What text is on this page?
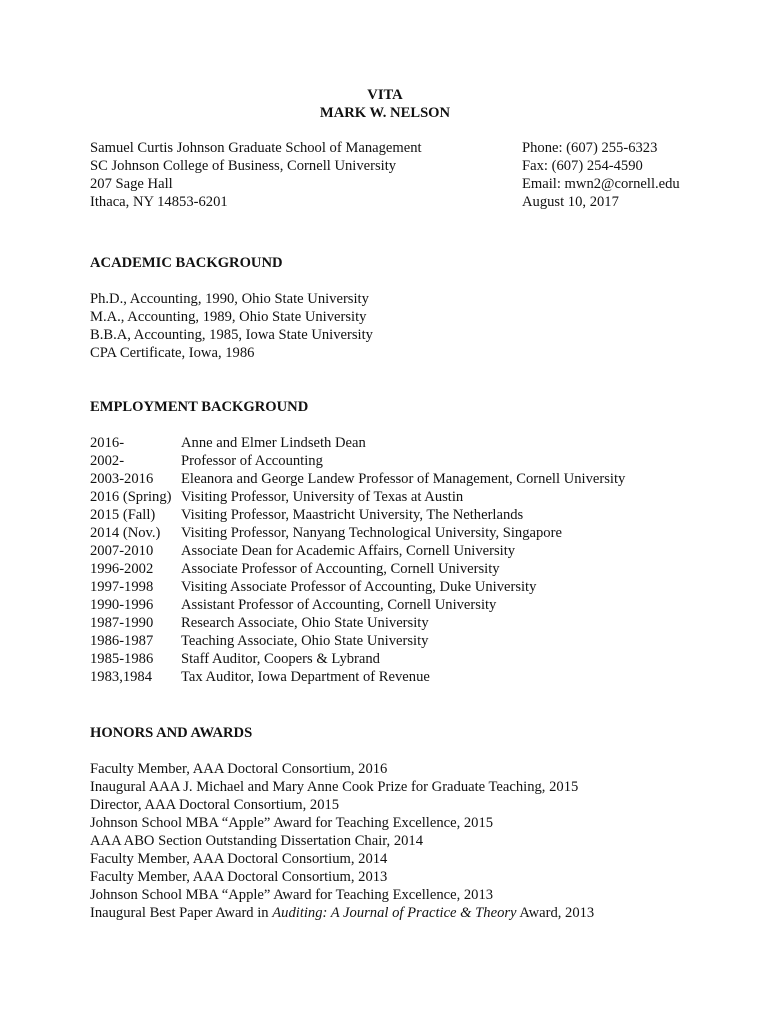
VITA
MARK W. NELSON
Samuel Curtis Johnson Graduate School of Management
SC Johnson College of Business, Cornell University
207 Sage Hall
Ithaca, NY 14853-6201
Phone: (607) 255-6323
Fax: (607) 254-4590
Email: mwn2@cornell.edu
August 10, 2017
ACADEMIC BACKGROUND
Ph.D., Accounting, 1990, Ohio State University
M.A., Accounting, 1989, Ohio State University
B.B.A, Accounting, 1985, Iowa State University
CPA Certificate, Iowa, 1986
EMPLOYMENT BACKGROUND
2016-	Anne and Elmer Lindseth Dean
2002-	Professor of Accounting
2003-2016 Eleanora and George Landew Professor of Management, Cornell University
2016 (Spring) Visiting Professor, University of Texas at Austin
2015 (Fall) Visiting Professor, Maastricht University, The Netherlands
2014 (Nov.) Visiting Professor, Nanyang Technological University, Singapore
2007-2010 Associate Dean for Academic Affairs, Cornell University
1996-2002 Associate Professor of Accounting, Cornell University
1997-1998 Visiting Associate Professor of Accounting, Duke University
1990-1996 Assistant Professor of Accounting, Cornell University
1987-1990 Research Associate, Ohio State University
1986-1987 Teaching Associate, Ohio State University
1985-1986 Staff Auditor, Coopers & Lybrand
1983,1984 Tax Auditor, Iowa Department of Revenue
HONORS AND AWARDS
Faculty Member, AAA Doctoral Consortium, 2016
Inaugural AAA J. Michael and Mary Anne Cook Prize for Graduate Teaching, 2015
Director, AAA Doctoral Consortium, 2015
Johnson School MBA “Apple” Award for Teaching Excellence, 2015
AAA ABO Section Outstanding Dissertation Chair, 2014
Faculty Member, AAA Doctoral Consortium, 2014
Faculty Member, AAA Doctoral Consortium, 2013
Johnson School MBA “Apple” Award for Teaching Excellence, 2013
Inaugural Best Paper Award in Auditing: A Journal of Practice & Theory Award, 2013
